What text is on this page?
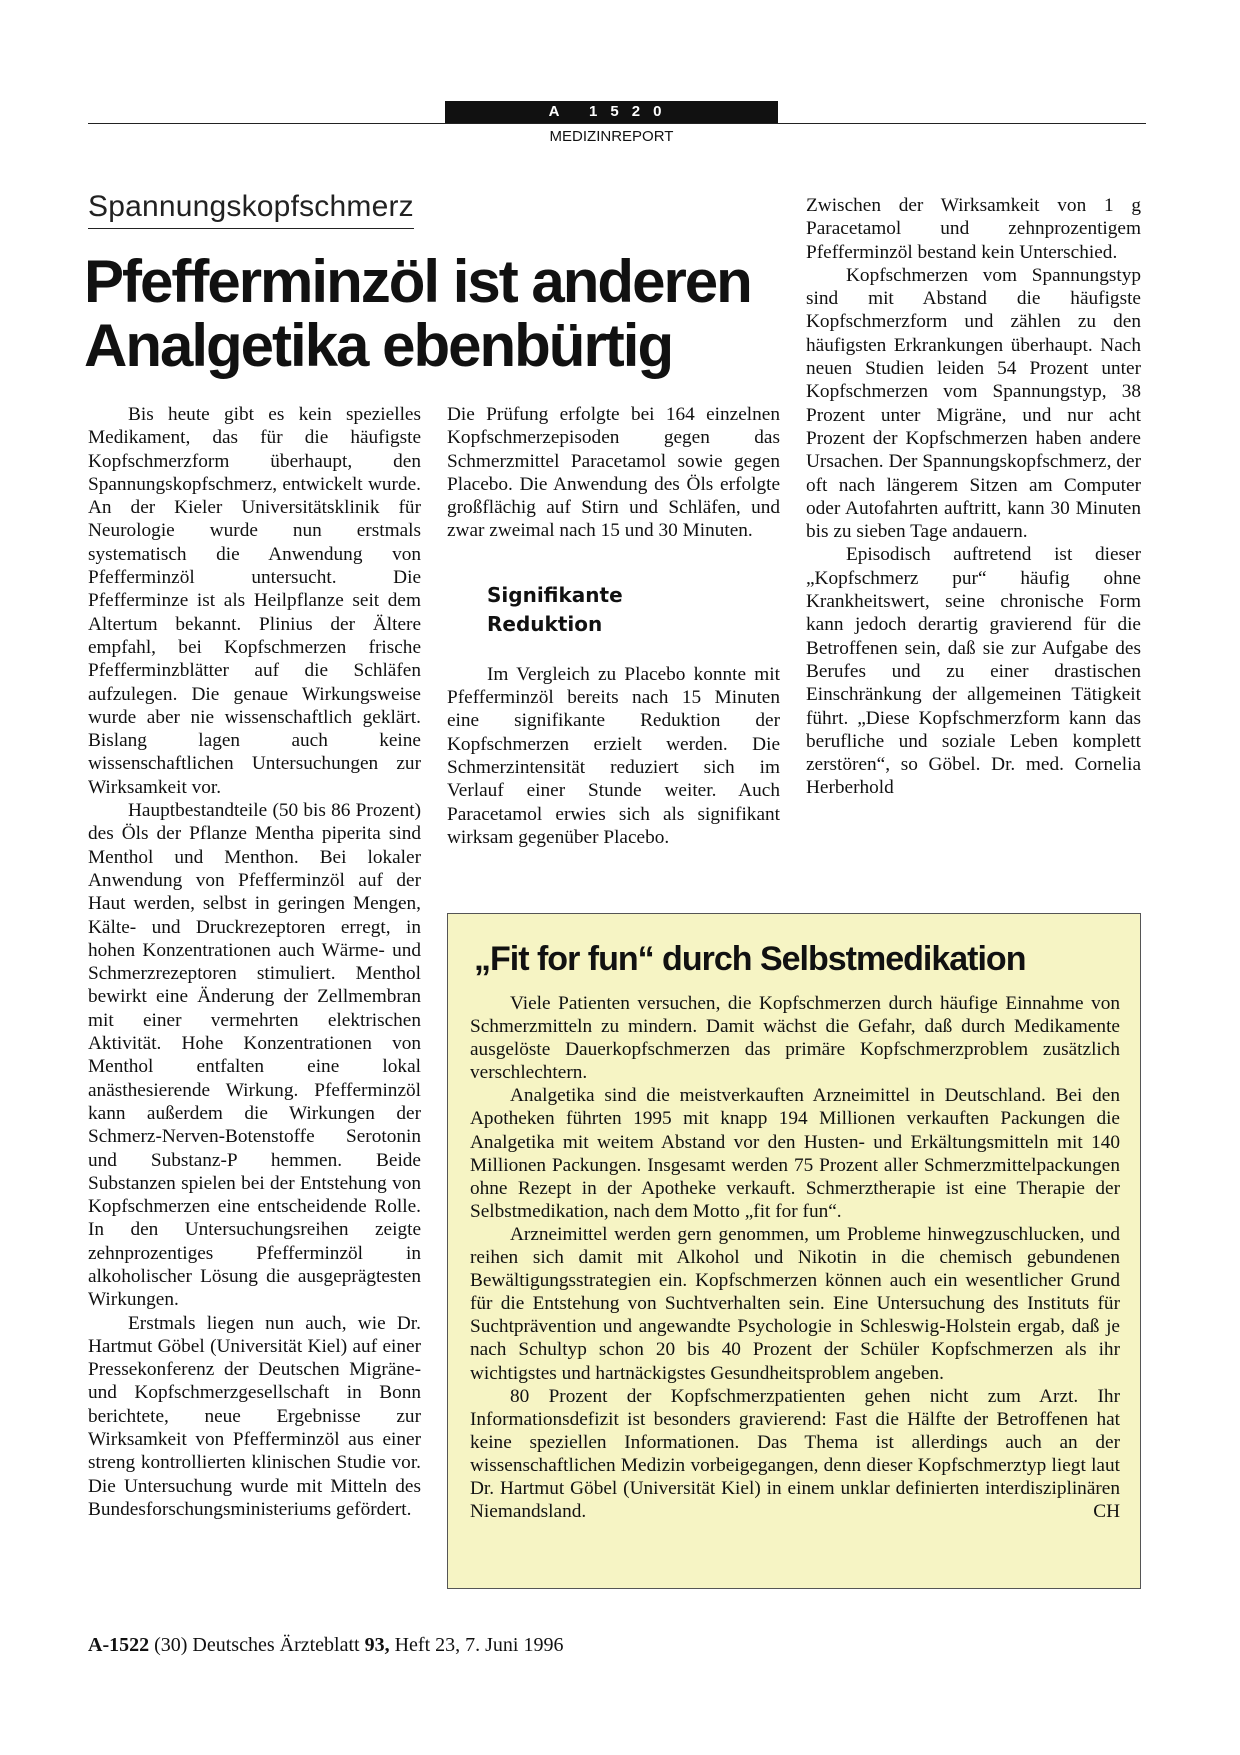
A 1520
MEDIZINREPORT
Spannungskopfschmerz
Pfefferminzöl ist anderen
Analgetika ebenbürtig

Bis heute gibt es kein spezielles Medikament, das für die häufigste Kopfschmerzform überhaupt, den Spannungskopfschmerz, entwickelt wurde. An der Kieler Universitätsklinik für Neurologie wurde nun erstmals systematisch die Anwendung von Pfefferminzöl untersucht. Die Pfefferminze ist als Heilpflanze seit dem Altertum bekannt. Plinius der Ältere empfahl, bei Kopfschmerzen frische Pfefferminzblätter auf die Schläfen aufzulegen. Die genaue Wirkungsweise wurde aber nie wissenschaftlich geklärt. Bislang lagen auch keine wissenschaftlichen Untersuchungen zur Wirksamkeit vor.

Hauptbestandteile (50 bis 86 Prozent) des Öls der Pflanze Mentha piperita sind Menthol und Menthon. Bei lokaler Anwendung von Pfefferminzöl auf der Haut werden, selbst in geringen Mengen, Kälte- und Druckrezeptoren erregt, in hohen Konzentrationen auch Wärme- und Schmerzrezeptoren stimuliert. Menthol bewirkt eine Änderung der Zellmembran mit einer vermehrten elektrischen Aktivität. Hohe Konzentrationen von Menthol entfalten eine lokal anästhesierende Wirkung. Pfefferminzöl kann außerdem die Wirkungen der Schmerz-Nerven-Botenstoffe Serotonin und Substanz-P hemmen. Beide Substanzen spielen bei der Entstehung von Kopfschmerzen eine entscheidende Rolle. In den Untersuchungsreihen zeigte zehnprozentiges Pfefferminzöl in alkoholischer Lösung die ausgeprägtesten Wirkungen.

Erstmals liegen nun auch, wie Dr. Hartmut Göbel (Universität Kiel) auf einer Pressekonferenz der Deutschen Migräne- und Kopfschmerzgesellschaft in Bonn berichtete, neue Ergebnisse zur Wirksamkeit von Pfefferminzöl aus einer streng kontrollierten klinischen Studie vor. Die Untersuchung wurde mit Mitteln des Bundesforschungsministeriums gefördert.

Die Prüfung erfolgte bei 164 einzelnen Kopfschmerzepisoden gegen das Schmerzmittel Paracetamol sowie gegen Placebo. Die Anwendung des Öls erfolgte großflächig auf Stirn und Schläfen, und zwar zweimal nach 15 und 30 Minuten.

Signifikante
Reduktion

Im Vergleich zu Placebo konnte mit Pfefferminzöl bereits nach 15 Minuten eine signifikante Reduktion der Kopfschmerzen erzielt werden. Die Schmerzintensität reduziert sich im Verlauf einer Stunde weiter. Auch Paracetamol erwies sich als signifikant wirksam gegenüber Placebo.

Zwischen der Wirksamkeit von 1 g Paracetamol und zehnprozentigem Pfefferminzöl bestand kein Unterschied.

Kopfschmerzen vom Spannungstyp sind mit Abstand die häufigste Kopfschmerzform und zählen zu den häufigsten Erkrankungen überhaupt. Nach neuen Studien leiden 54 Prozent unter Kopfschmerzen vom Spannungstyp, 38 Prozent unter Migräne, und nur acht Prozent der Kopfschmerzen haben andere Ursachen. Der Spannungskopfschmerz, der oft nach längerem Sitzen am Computer oder Autofahrten auftritt, kann 30 Minuten bis zu sieben Tage andauern.

Episodisch auftretend ist dieser „Kopfschmerz pur“ häufig ohne Krankheitswert, seine chronische Form kann jedoch derartig gravierend für die Betroffenen sein, daß sie zur Aufgabe des Berufes und zu einer drastischen Einschränkung der allgemeinen Tätigkeit führt. „Diese Kopfschmerzform kann das berufliche und soziale Leben komplett zerstören“, so Göbel. Dr. med. Cornelia Herberhold

„Fit for fun“ durch Selbstmedikation

Viele Patienten versuchen, die Kopfschmerzen durch häufige Einnahme von Schmerzmitteln zu mindern. Damit wächst die Gefahr, daß durch Medikamente ausgelöste Dauerkopfschmerzen das primäre Kopfschmerzproblem zusätzlich verschlechtern.

Analgetika sind die meistverkauften Arzneimittel in Deutschland. Bei den Apotheken führten 1995 mit knapp 194 Millionen verkauften Packungen die Analgetika mit weitem Abstand vor den Husten- und Erkältungsmitteln mit 140 Millionen Packungen. Insgesamt werden 75 Prozent aller Schmerzmittelpackungen ohne Rezept in der Apotheke verkauft. Schmerztherapie ist eine Therapie der Selbstmedikation, nach dem Motto „fit for fun“.

Arzneimittel werden gern genommen, um Probleme hinwegzuschlucken, und reihen sich damit mit Alkohol und Nikotin in die chemisch gebundenen Bewältigungsstrategien ein. Kopfschmerzen können auch ein wesentlicher Grund für die Entstehung von Suchtverhalten sein. Eine Untersuchung des Instituts für Suchtprävention und angewandte Psychologie in Schleswig-Holstein ergab, daß je nach Schultyp schon 20 bis 40 Prozent der Schüler Kopfschmerzen als ihr wichtigstes und hartnäckigstes Gesundheitsproblem angeben.

80 Prozent der Kopfschmerzpatienten gehen nicht zum Arzt. Ihr Informationsdefizit ist besonders gravierend: Fast die Hälfte der Betroffenen hat keine speziellen Informationen. Das Thema ist allerdings auch an der wissenschaftlichen Medizin vorbeigegangen, denn dieser Kopfschmerztyp liegt laut Dr. Hartmut Göbel (Universität Kiel) in einem unklar definierten interdisziplinären Niemandsland.	CH

A-1522 (30) Deutsches Ärzteblatt 93, Heft 23, 7. Juni 1996
